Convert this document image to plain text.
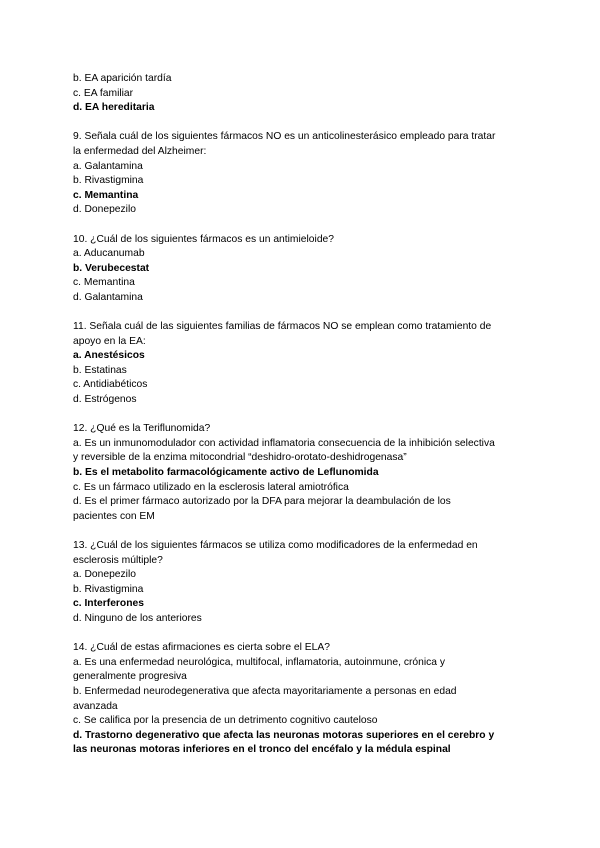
b. EA aparición tardía
c. EA familiar
d. EA hereditaria
9. Señala cuál de los siguientes fármacos NO es un anticolinesterásico empleado para tratar
la enfermedad del Alzheimer:
a. Galantamina
b. Rivastigmina
c. Memantina
d. Donepezilo
10. ¿Cuál de los siguientes fármacos es un antimieloide?
a. Aducanumab
b. Verubecestat
c. Memantina
d. Galantamina
11. Señala cuál de las siguientes familias de fármacos NO se emplean como tratamiento de
apoyo en la EA:
a. Anestésicos
b. Estatinas
c. Antidiabéticos
d. Estrógenos
12. ¿Qué es la Teriflunomida?
a. Es un inmunomodulador con actividad inflamatoria consecuencia de la inhibición selectiva
y reversible de la enzima mitocondrial “deshidro-orotato-deshidrogenasa”
b. Es el metabolito farmacológicamente activo de Leflunomida
c. Es un fármaco utilizado en la esclerosis lateral amiotrófica
d. Es el primer fármaco autorizado por la DFA para mejorar la deambulación de los
pacientes con EM
13. ¿Cuál de los siguientes fármacos se utiliza como modificadores de la enfermedad en
esclerosis múltiple?
a. Donepezilo
b. Rivastigmina
c. Interferones
d. Ninguno de los anteriores
14. ¿Cuál de estas afirmaciones es cierta sobre el ELA?
a. Es una enfermedad neurológica, multifocal, inflamatoria, autoinmune, crónica y
generalmente progresiva
b. Enfermedad neurodegenerativa que afecta mayoritariamente a personas en edad
avanzada
c. Se califica por la presencia de un detrimento cognitivo cauteloso
d. Trastorno degenerativo que afecta las neuronas motoras superiores en el cerebro y
las neuronas motoras inferiores en el tronco del encéfalo y la médula espinal
